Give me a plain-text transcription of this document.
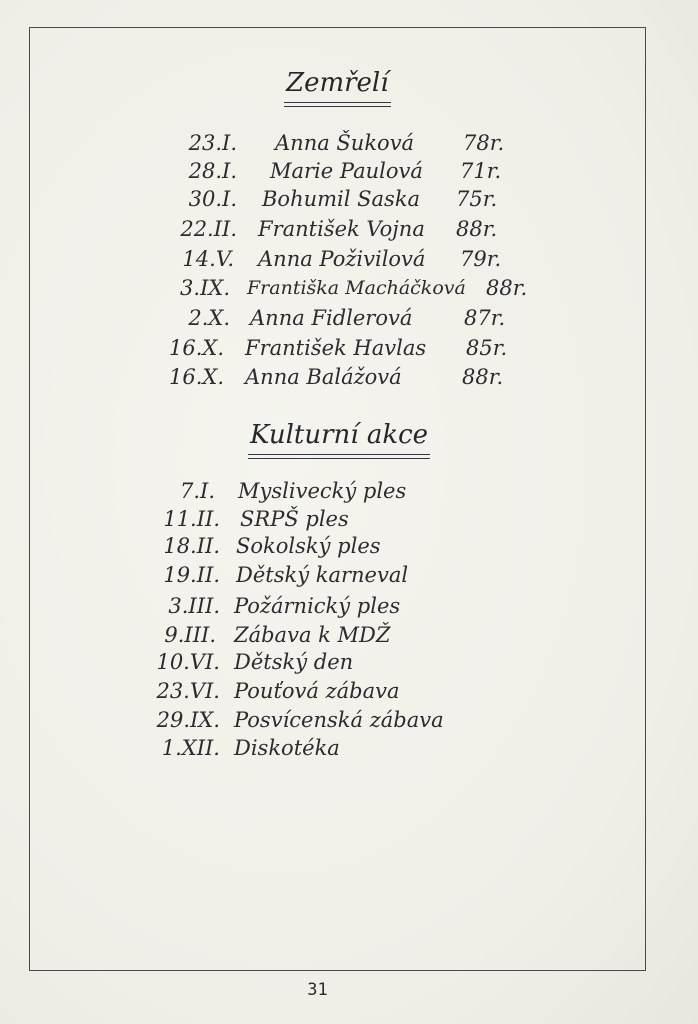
Zemřelí
23.I. Anna Šuková 78r.
28.I. Marie Paulová 71r.
30.I. Bohumil Saska 75r.
22.II. František Vojna 88r.
14.V. Anna Poživilová 79r.
3.IX. Františka Macháčková 88r.
2.X. Anna Fidlerová 87r.
16.X. František Havlas 85r.
16.X. Anna Balážová	88r.
Kulturní akce
7.I. Myslivecký ples
11.II. SRPŠ ples
18.II. Sokolský ples
19.II. Dětský karneval
3.III. Požárnický ples
9.III. Zábava k MDŽ
10.VI. Dětský den
23.VI. Pouťová zábava
29.IX. Posvícenská zábava
1.XII. Diskotéka
31
